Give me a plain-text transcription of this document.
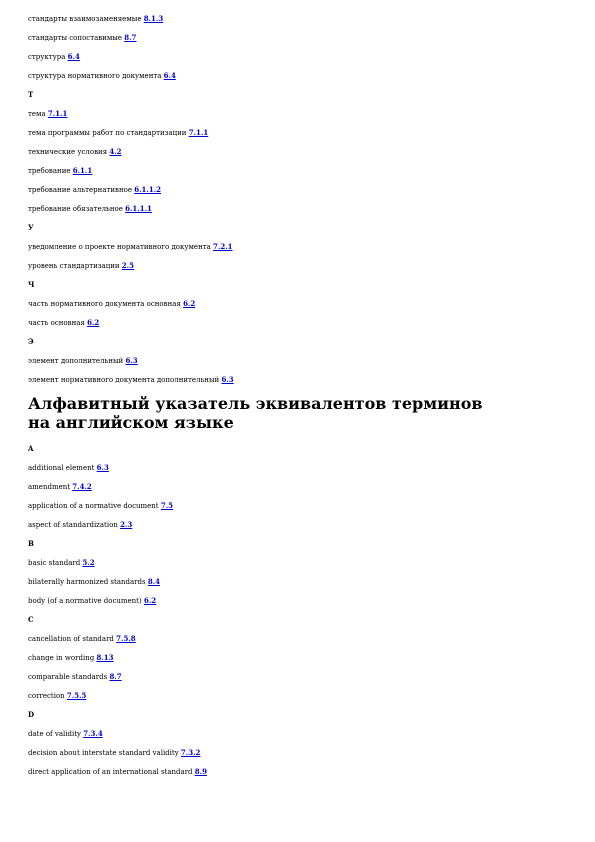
стандарты взаимозаменяемые 8.1.3
стандарты сопоставимые 8.7
структура 6.4
структура нормативного документа 6.4
Т
тема 7.1.1
тема программы работ по стандартизации 7.1.1
технические условия 4.2
требование 6.1.1
требование альтернативное 6.1.1.2
требование обязательное 6.1.1.1
У
уведомление о проекте нормативного документа 7.2.1
уровень стандартизации 2.5
Ч
часть нормативного документа основная 6.2
часть основная 6.2
Э
элемент дополнительный 6.3
элемент нормативного документа дополнительный 6.3
Алфавитный указатель эквивалентов терминов на английском языке
A
additional element 6.3
amendment 7.4.2
application of a normative document 7.5
aspect of standardization 2.3
B
basic standard 5.2
bilaterally harmonized standards 8.4
body (of a normative document) 6.2
C
cancellation of standard 7.5.8
change in wording 8.13
comparable standards 8.7
correction 7.5.5
D
date of validity 7.3.4
decision about interstate standard validity 7.3.2
direct application of an international standard 8.9
